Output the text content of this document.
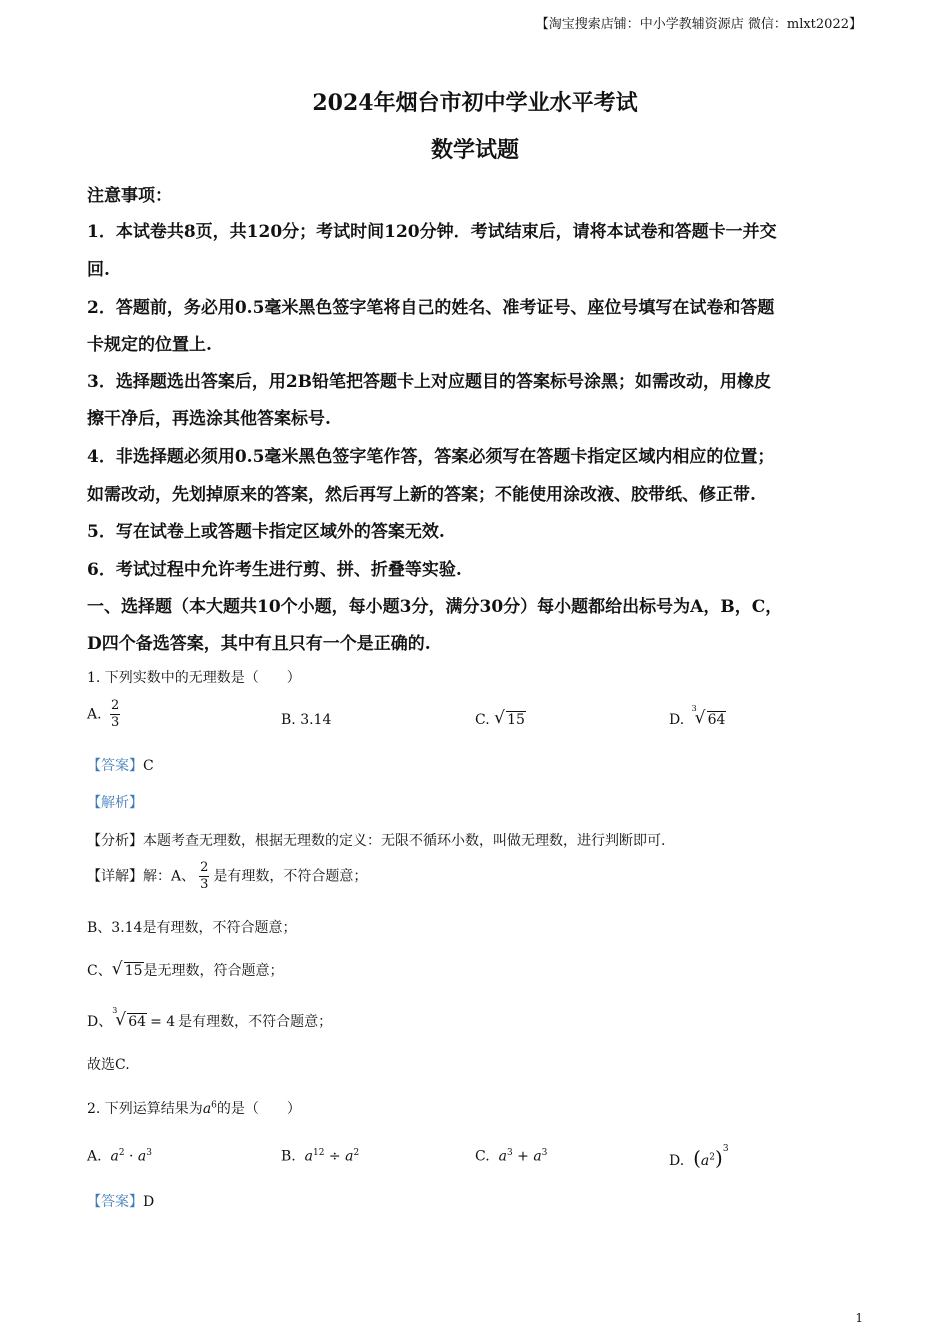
【淘宝搜索店铺：中小学教辅资源店 微信：mlxt2022】
2024年烟台市初中学业水平考试
数学试题
注意事项：
1．本试卷共8页，共120分；考试时间120分钟．考试结束后，请将本试卷和答题卡一并交
回.
2．答题前，务必用0.5毫米黑色签字笔将自己的姓名、准考证号、座位号填写在试卷和答题
卡规定的位置上.
3．选择题选出答案后，用2B铅笔把答题卡上对应题目的答案标号涂黑；如需改动，用橡皮
擦干净后，再选涂其他答案标号.
4．非选择题必须用0.5毫米黑色签字笔作答，答案必须写在答题卡指定区域内相应的位置；
如需改动，先划掉原来的答案，然后再写上新的答案；不能使用涂改液、胶带纸、修正带.
5．写在试卷上或答题卡指定区域外的答案无效.
6．考试过程中允许考生进行剪、拼、折叠等实验.
一、选择题（本大题共10个小题，每小题3分，满分30分）每小题都给出标号为A，B，C，
D四个备选答案，其中有且只有一个是正确的.
1. 下列实数中的无理数是（　　）
A. $\frac{2}{3}$	B. 3.14	C. √ 15	D.
3
√ 64
【答案】C
【解析】
【分析】本题考查无理数，根据无理数的定义：无限不循环小数，叫做无理数，进行判断即可.
【详解】解：A、 $\frac{2}{3}$ 是有理数，不符合题意；
B、3.14是有理数，不符合题意；
C、 √ 15是无理数，符合题意；
D、
3
√ 64 = 4 是有理数，不符合题意；
故选C.
2. 下列运算结果为$a^6$的是（　　）
A. $a^2 \cdot a^3$	B. $a^{12} \div a^2$	C. $a^3 + a^3$	D. $(a^2)^3$
【答案】D
1
